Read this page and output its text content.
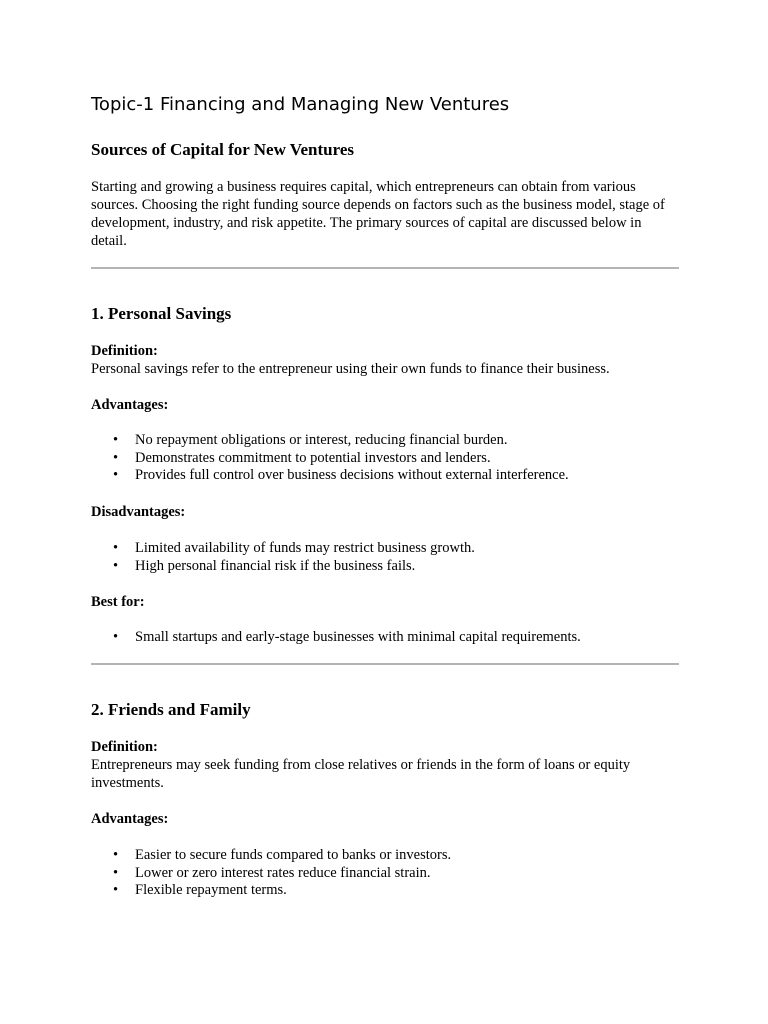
Topic-1 Financing and Managing New Ventures
Sources of Capital for New Ventures

Starting and growing a business requires capital, which entrepreneurs can obtain from various sources. Choosing the right funding source depends on factors such as the business model, stage of development, industry, and risk appetite. The primary sources of capital are discussed below in detail.

1. Personal Savings
Definition:
Personal savings refer to the entrepreneur using their own funds to finance their business.

Advantages:

• No repayment obligations or interest, reducing financial burden.
• Demonstrates commitment to potential investors and lenders.
• Provides full control over business decisions without external interference.

Disadvantages:

• Limited availability of funds may restrict business growth.
• High personal financial risk if the business fails.

Best for:

• Small startups and early-stage businesses with minimal capital requirements.
2. Friends and Family
Definition:
Entrepreneurs may seek funding from close relatives or friends in the form of loans or equity investments.

Advantages:

• Easier to secure funds compared to banks or investors.
• Lower or zero interest rates reduce financial strain.
• Flexible repayment terms.
